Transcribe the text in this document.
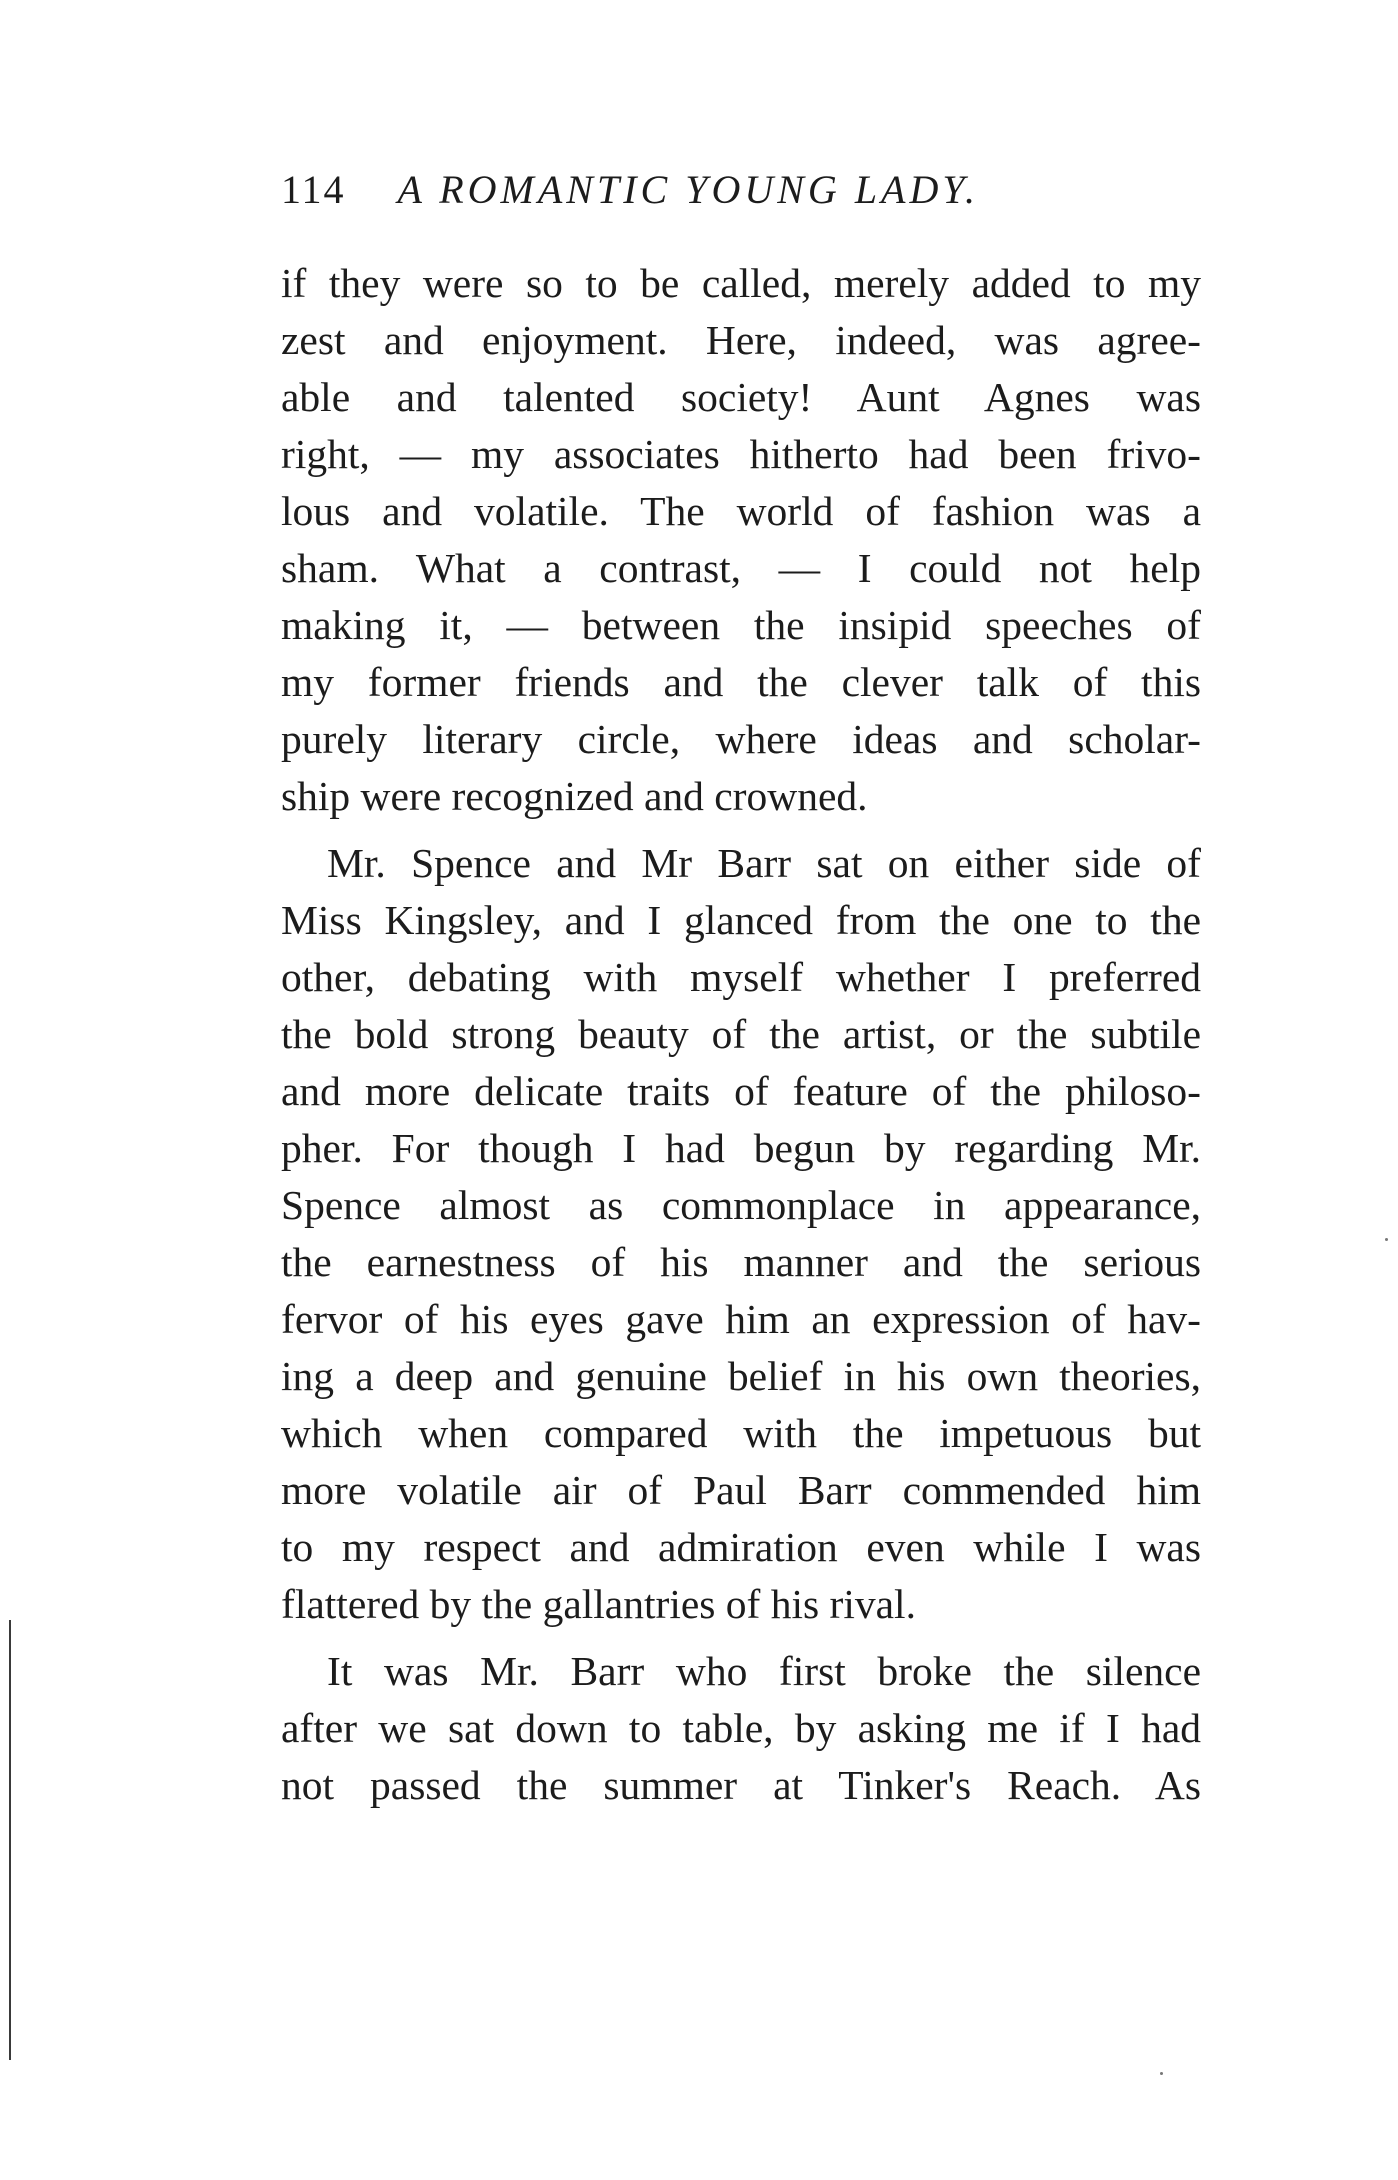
114 A ROMANTIC YOUNG LADY.
if they were so to be called, merely added to my
zest and enjoyment. Here, indeed, was agree-
able and talented society! Aunt Agnes was
right, — my associates hitherto had been frivo-
lous and volatile. The world of fashion was a
sham. What a contrast, — I could not help
making it, — between the insipid speeches of
my former friends and the clever talk of this
purely literary circle, where ideas and scholar-
ship were recognized and crowned.
Mr. Spence and Mr Barr sat on either side of
Miss Kingsley, and I glanced from the one to the
other, debating with myself whether I preferred
the bold strong beauty of the artist, or the subtile
and more delicate traits of feature of the philoso-
pher. For though I had begun by regarding Mr.
Spence almost as commonplace in appearance,
the earnestness of his manner and the serious
fervor of his eyes gave him an expression of hav-
ing a deep and genuine belief in his own theories,
which when compared with the impetuous but
more volatile air of Paul Barr commended him
to my respect and admiration even while I was
flattered by the gallantries of his rival.
It was Mr. Barr who first broke the silence
after we sat down to table, by asking me if I had
not passed the summer at Tinker's Reach. As
